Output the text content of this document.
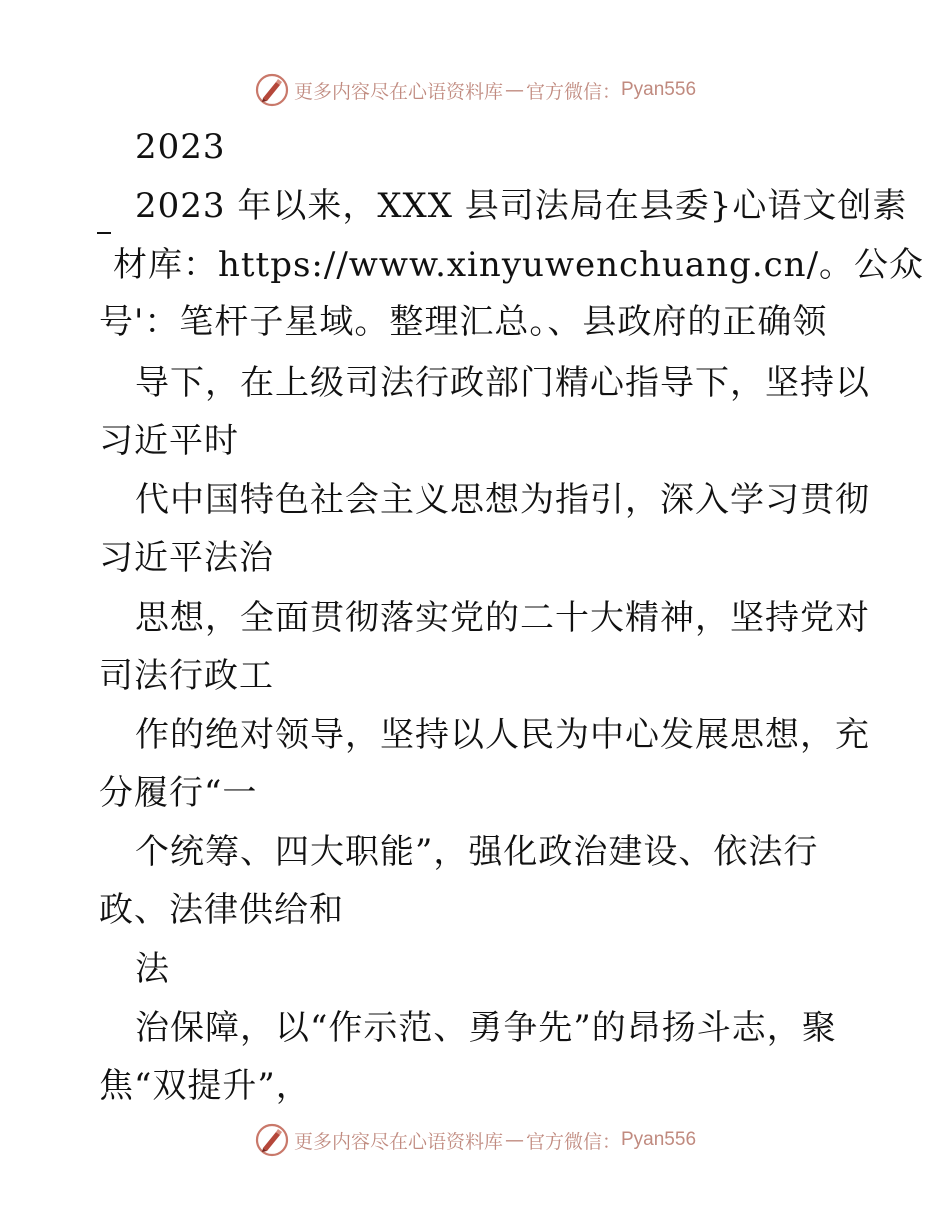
更多内容尽在心语资料库 — 官方微信： Pyan556
2023
2023 年以来，XXX 县司法局在县委}心语文创素
材库：https://www.xinyuwenchuang.cn/。公众
号'：笔杆子星域。整理汇总。、县政府的正确领
导下，在上级司法行政部门精心指导下，坚持以
习近平时
代中国特色社会主义思想为指引，深入学习贯彻
习近平法治
思想，全面贯彻落实党的二十大精神，坚持党对
司法行政工
作的绝对领导，坚持以人民为中心发展思想，充
分履行“一
个统筹、四大职能”，强化政治建设、依法行
政、法律供给和
法
治保障，以“作示范、勇争先”的昂扬斗志，聚
焦“双提升”，
更多内容尽在心语资料库 — 官方微信： Pyan556
